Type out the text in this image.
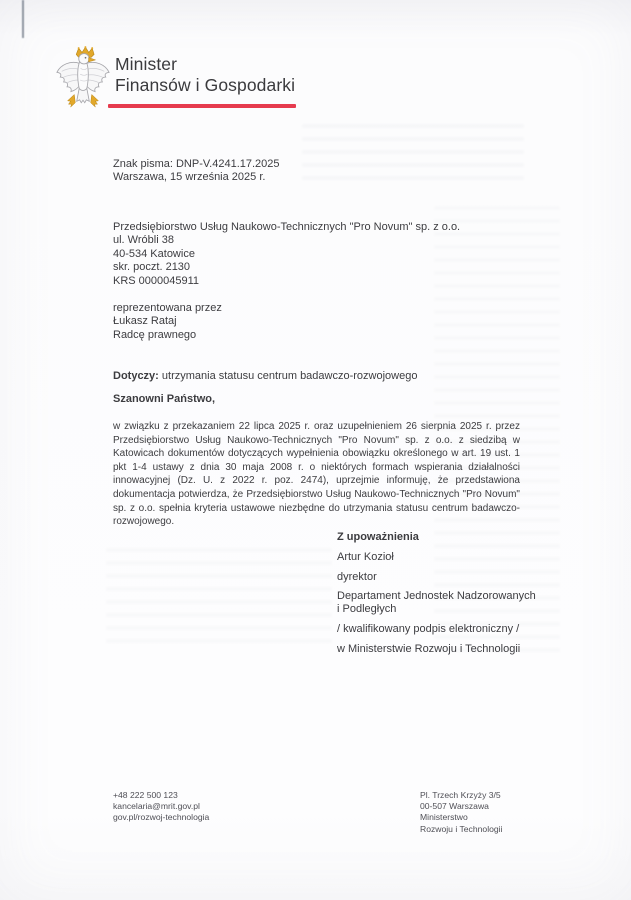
Minister
Finansów i Gospodarki
Znak pisma: DNP-V.4241.17.2025
Warszawa, 15 września 2025 r.
Przedsiębiorstwo Usług Naukowo-Technicznych "Pro Novum" sp. z o.o.
ul. Wróbli 38
40-534 Katowice
skr. poczt. 2130
KRS 0000045911
reprezentowana przez
Łukasz Rataj
Radcę prawnego
Dotyczy: utrzymania statusu centrum badawczo-rozwojowego
Szanowni Państwo,
w związku z przekazaniem 22 lipca 2025 r. oraz uzupełnieniem 26 sierpnia 2025 r. przez Przedsiębiorstwo Usług Naukowo-Technicznych "Pro Novum" sp. z o.o. z siedzibą w Katowicach dokumentów dotyczących wypełnienia obowiązku określonego w art. 19 ust. 1 pkt 1-4 ustawy z dnia 30 maja 2008 r. o niektórych formach wspierania działalności innowacyjnej (Dz. U. z 2022 r. poz. 2474), uprzejmie informuję, że przedstawiona dokumentacja potwierdza, że Przedsiębiorstwo Usług Naukowo-Technicznych "Pro Novum" sp. z o.o. spełnia kryteria ustawowe niezbędne do utrzymania statusu centrum badawczo-rozwojowego.
Z upoważnienia
Artur Kozioł
dyrektor
Departament Jednostek Nadzorowanych
i Podległych
/ kwalifikowany podpis elektroniczny /
w Ministerstwie Rozwoju i Technologii
+48 222 500 123
kancelaria@mrit.gov.pl
gov.pl/rozwoj-technologia
Pl. Trzech Krzyży 3/5
00-507 Warszawa
Ministerstwo
Rozwoju i Technologii
